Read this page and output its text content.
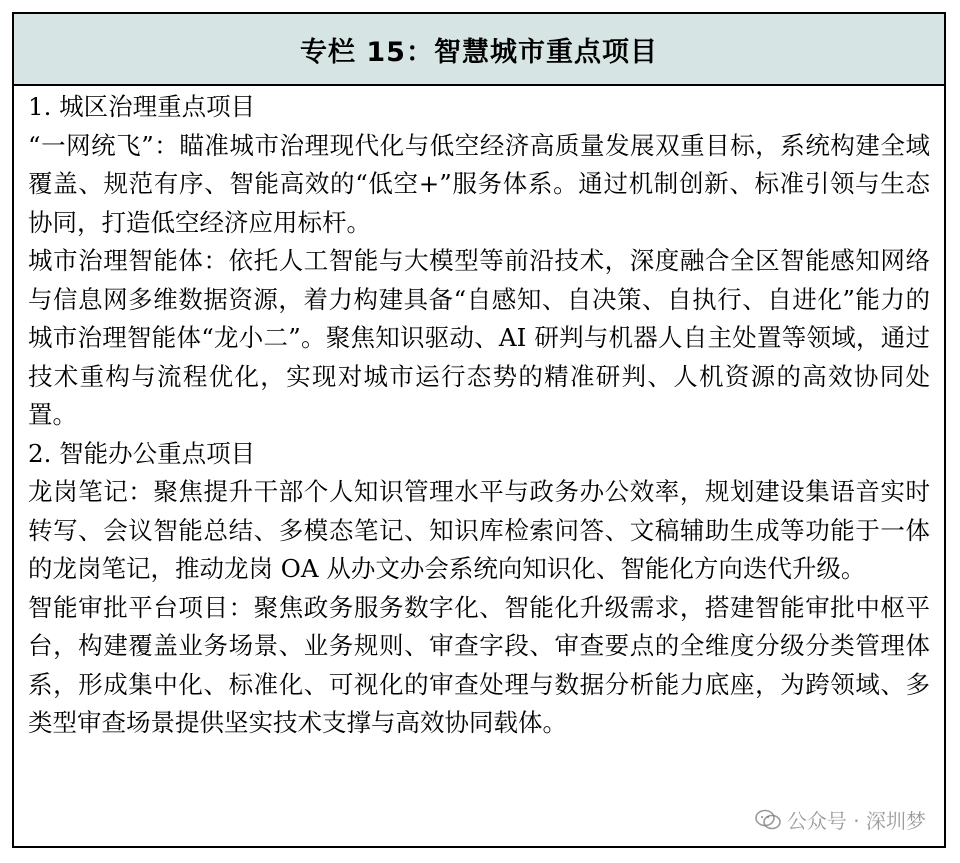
专栏 15：智慧城市重点项目

1. 城区治理重点项目

“一网统飞”：瞄准城市治理现代化与低空经济高质量发展双重目标，系统构建全域覆盖、规范有序、智能高效的“低空+”服务体系。通过机制创新、标准引领与生态协同，打造低空经济应用标杆。

城市治理智能体：依托人工智能与大模型等前沿技术，深度融合全区智能感知网络与信息网多维数据资源，着力构建具备“自感知、自决策、自执行、自进化”能力的城市治理智能体“龙小二”。聚焦知识驱动、AI 研判与机器人自主处置等领域，通过技术重构与流程优化，实现对城市运行态势的精准研判、人机资源的高效协同处置。

2. 智能办公重点项目

龙岗笔记：聚焦提升干部个人知识管理水平与政务办公效率，规划建设集语音实时转写、会议智能总结、多模态笔记、知识库检索问答、文稿辅助生成等功能于一体的龙岗笔记，推动龙岗 OA 从办文办会系统向知识化、智能化方向迭代升级。

智能审批平台项目：聚焦政务服务数字化、智能化升级需求，搭建智能审批中枢平台，构建覆盖业务场景、业务规则、审查字段、审查要点的全维度分级分类管理体系，形成集中化、标准化、可视化的审查处理与数据分析能力底座，为跨领域、多类型审查场景提供坚实技术支撑与高效协同载体。

公众号 · 深圳梦
